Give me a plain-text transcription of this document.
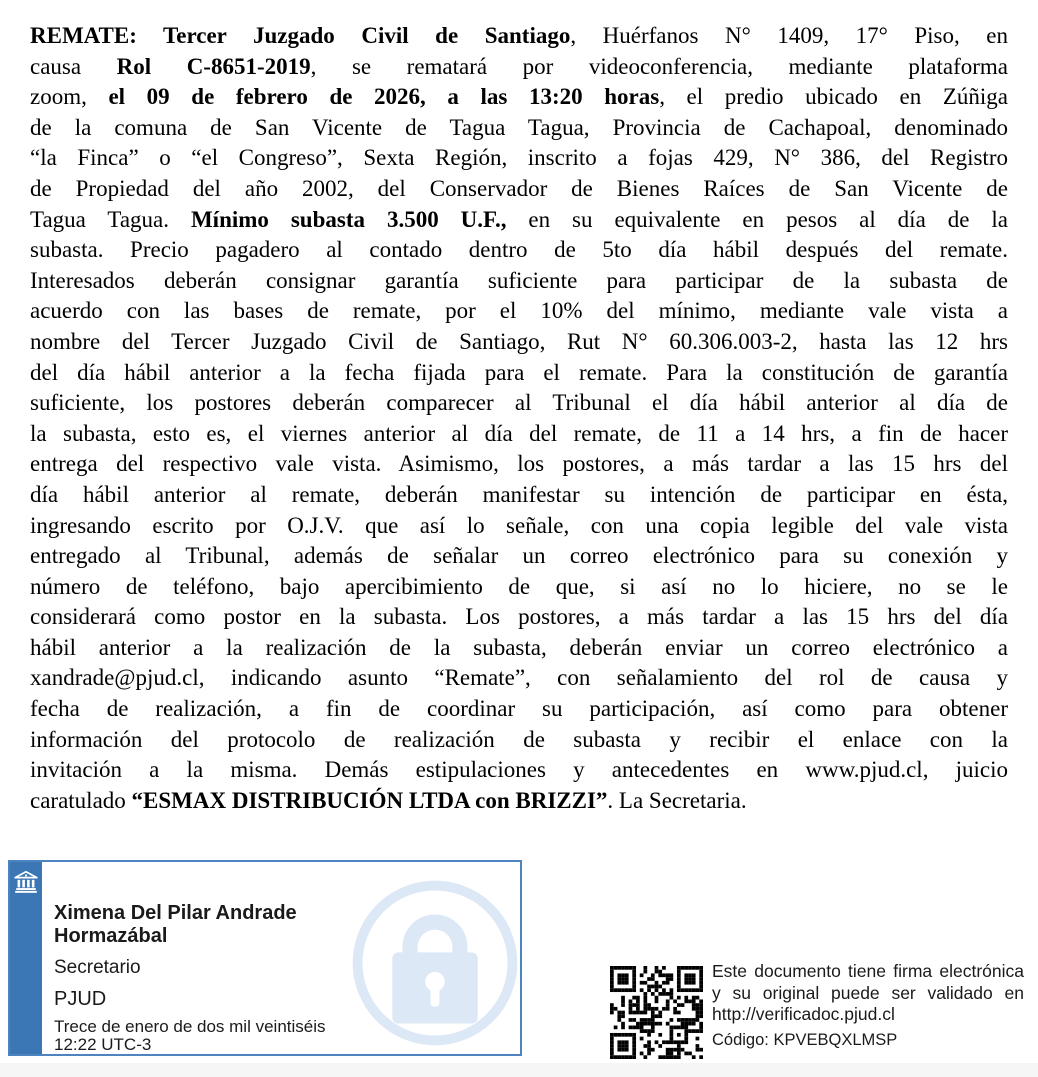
REMATE: Tercer Juzgado Civil de Santiago, Huérfanos N° 1409, 17° Piso, en
causa Rol C-8651-2019, se rematará por videoconferencia, mediante plataforma
zoom, el 09 de febrero de 2026, a las 13:20 horas, el predio ubicado en Zúñiga
de la comuna de San Vicente de Tagua Tagua, Provincia de Cachapoal, denominado
“la Finca” o “el Congreso”, Sexta Región, inscrito a fojas 429, N° 386, del Registro
de Propiedad del año 2002, del Conservador de Bienes Raíces de San Vicente de
Tagua Tagua. Mínimo subasta 3.500 U.F., en su equivalente en pesos al día de la
subasta. Precio pagadero al contado dentro de 5to día hábil después del remate.
Interesados deberán consignar garantía suficiente para participar de la subasta de
acuerdo con las bases de remate, por el 10% del mínimo, mediante vale vista a
nombre del Tercer Juzgado Civil de Santiago, Rut N° 60.306.003-2, hasta las 12 hrs
del día hábil anterior a la fecha fijada para el remate. Para la constitución de garantía
suficiente, los postores deberán comparecer al Tribunal el día hábil anterior al día de
la subasta, esto es, el viernes anterior al día del remate, de 11 a 14 hrs, a fin de hacer
entrega del respectivo vale vista. Asimismo, los postores, a más tardar a las 15 hrs del
día hábil anterior al remate, deberán manifestar su intención de participar en ésta,
ingresando escrito por O.J.V. que así lo señale, con una copia legible del vale vista
entregado al Tribunal, además de señalar un correo electrónico para su conexión y
número de teléfono, bajo apercibimiento de que, si así no lo hiciere, no se le
considerará como postor en la subasta. Los postores, a más tardar a las 15 hrs del día
hábil anterior a la realización de la subasta, deberán enviar un correo electrónico a
xandrade@pjud.cl, indicando asunto “Remate”, con señalamiento del rol de causa y
fecha de realización, a fin de coordinar su participación, así como para obtener
información del protocolo de realización de subasta y recibir el enlace con la
invitación a la misma. Demás estipulaciones y antecedentes en www.pjud.cl, juicio
caratulado “ESMAX DISTRIBUCIÓN LTDA con BRIZZI”. La Secretaria.
Ximena Del Pilar Andrade Hormazábal
Secretario
PJUD
Trece de enero de dos mil veintiséis
12:22 UTC-3
Este documento tiene firma electrónica
y su original puede ser validado en
http://verificadoc.pjud.cl
Código: KPVEBQXLMSP
